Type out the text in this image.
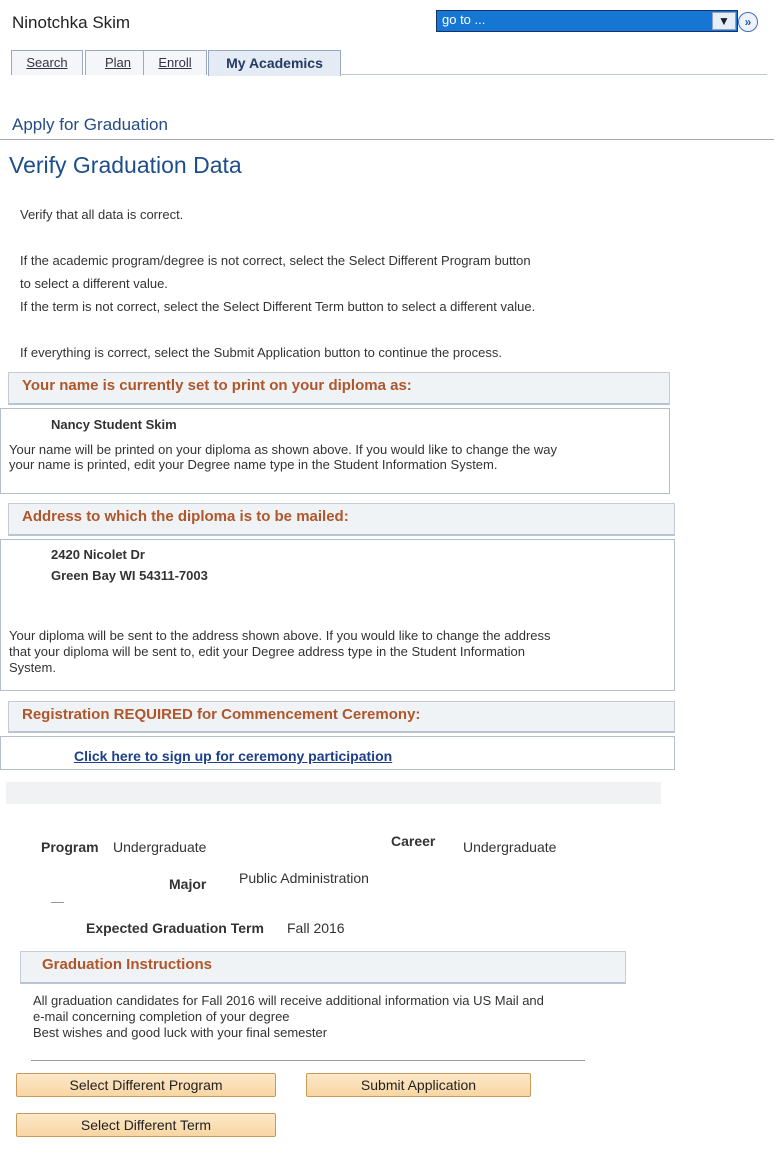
Ninotchka Skim	go to ...	▼	»
Search	Plan	Enroll	My Academics
Apply for Graduation
Verify Graduation Data
Verify that all data is correct.
If the academic program/degree is not correct, select the Select Different Program button
to select a different value.
If the term is not correct, select the Select Different Term button to select a different value.
If everything is correct, select the Submit Application button to continue the process.
Your name is currently set to print on your diploma as:
Nancy Student Skim
Your name will be printed on your diploma as shown above. If you would like to change the way
your name is printed, edit your Degree name type in the Student Information System.
Address to which the diploma is to be mailed:
2420 Nicolet Dr
Green Bay WI 54311-7003
Your diploma will be sent to the address shown above. If you would like to change the address
that your diploma will be sent to, edit your Degree address type in the Student Information
System.
Registration REQUIRED for Commencement Ceremony:
Click here to sign up for ceremony participation
Program Undergraduate	Career Undergraduate
Major Public Administration
—
Expected Graduation Term Fall 2016
Graduation Instructions
All graduation candidates for Fall 2016 will receive additional information via US Mail and
e-mail concerning completion of your degree
Best wishes and good luck with your final semester
Select Different Program	Submit Application
Select Different Term
